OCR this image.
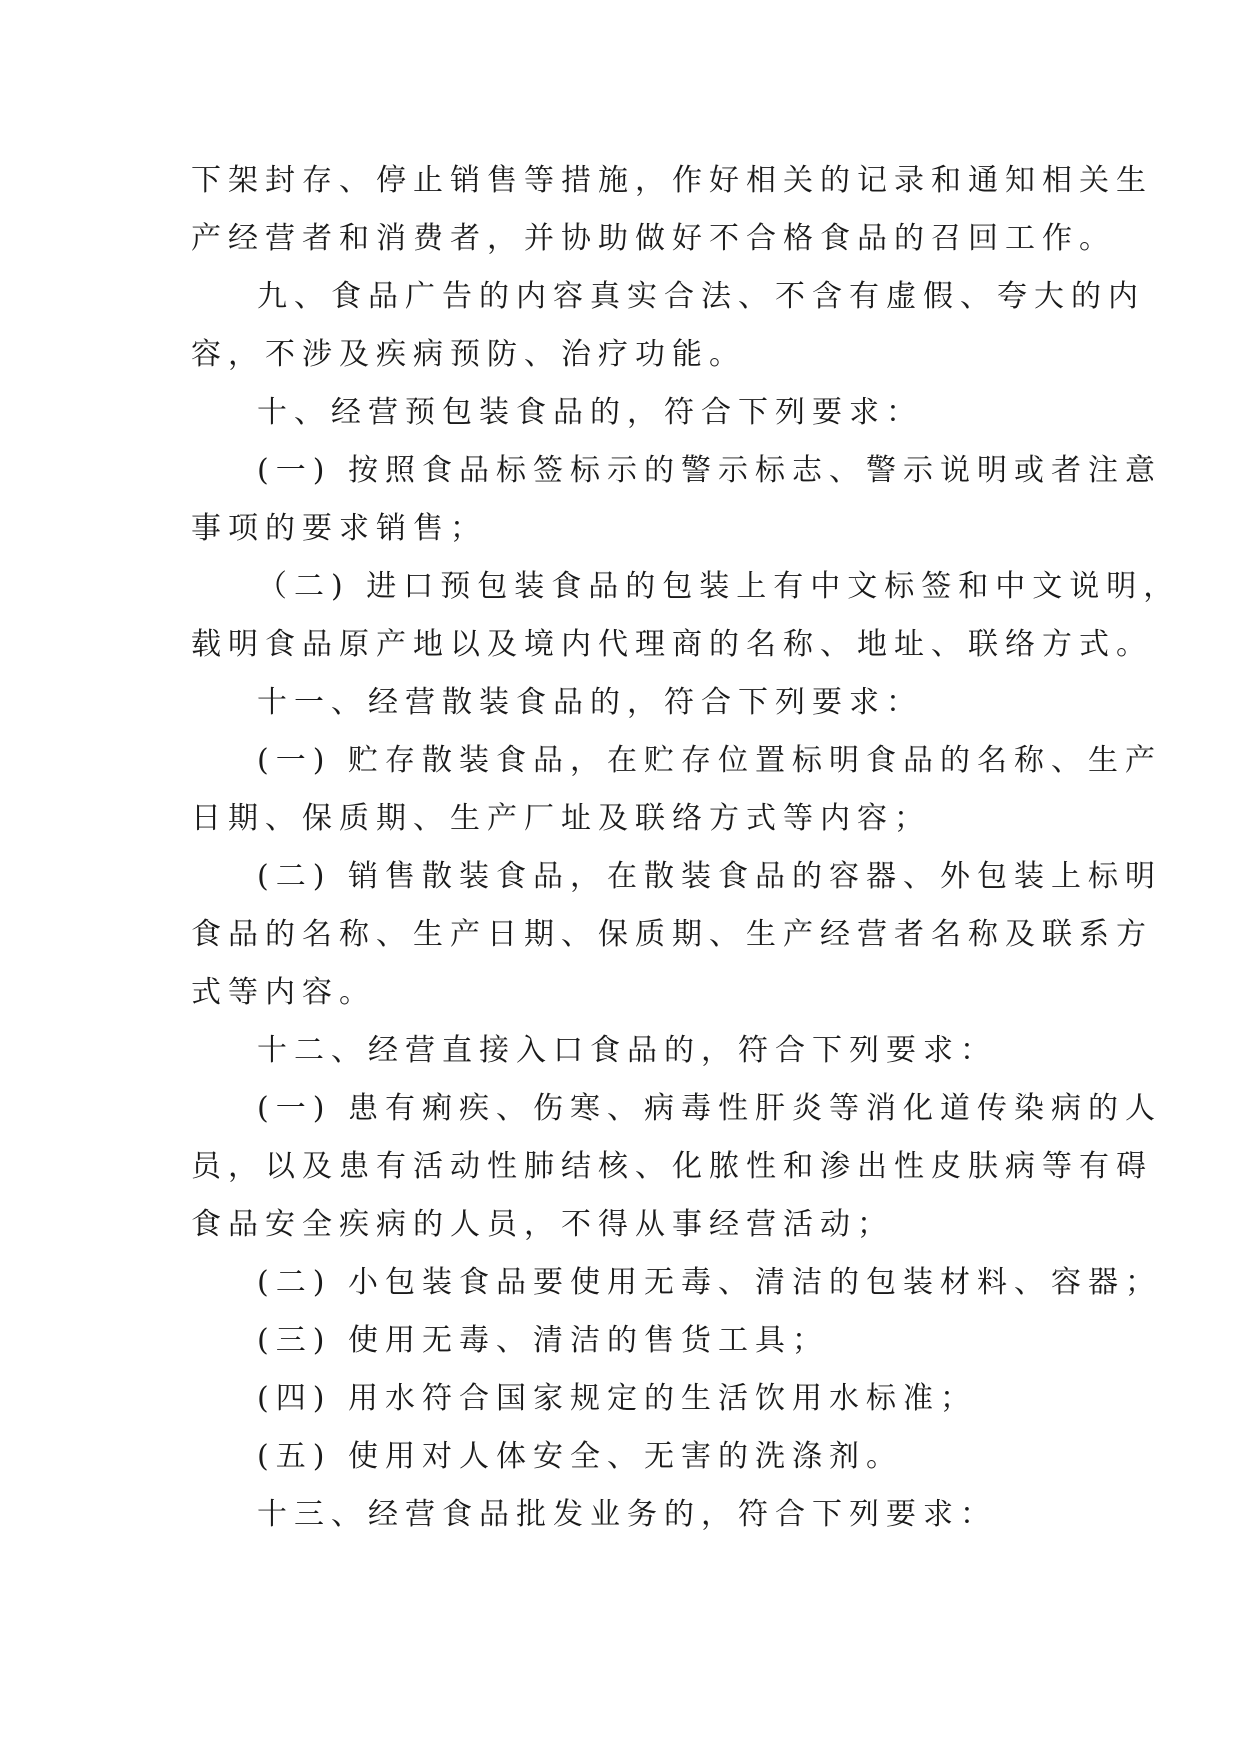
下架封存、停止销售等措施，作好相关的记录和通知相关生
产经营者和消费者，并协助做好不合格食品的召回工作。
九、食品广告的内容真实合法、不含有虚假、夸大的内
容，不涉及疾病预防、治疗功能。
十、经营预包装食品的，符合下列要求：
(一) 按照食品标签标示的警示标志、警示说明或者注意
事项的要求销售；
（二) 进口预包装食品的包装上有中文标签和中文说明，
载明食品原产地以及境内代理商的名称、地址、联络方式。
十一、经营散装食品的，符合下列要求：
(一) 贮存散装食品，在贮存位置标明食品的名称、生产
日期、保质期、生产厂址及联络方式等内容；
(二) 销售散装食品，在散装食品的容器、外包装上标明
食品的名称、生产日期、保质期、生产经营者名称及联系方
式等内容。
十二、经营直接入口食品的，符合下列要求：
(一) 患有痢疾、伤寒、病毒性肝炎等消化道传染病的人
员，以及患有活动性肺结核、化脓性和渗出性皮肤病等有碍
食品安全疾病的人员，不得从事经营活动；
(二) 小包装食品要使用无毒、清洁的包装材料、容器；
(三) 使用无毒、清洁的售货工具；
(四) 用水符合国家规定的生活饮用水标准；
(五) 使用对人体安全、无害的洗涤剂。
十三、经营食品批发业务的，符合下列要求：
